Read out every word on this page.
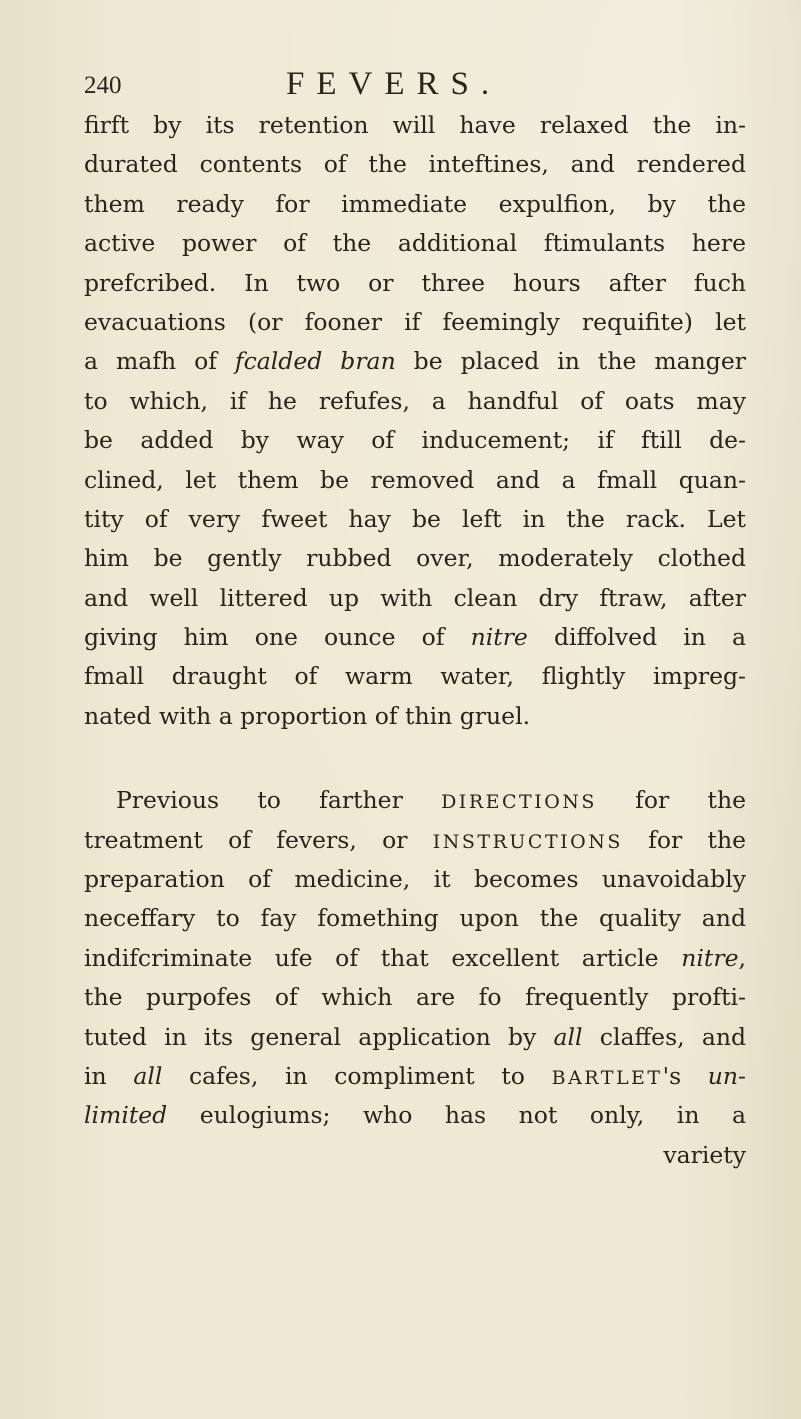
240	FEVERS.
firft by its retention will have relaxed the in-
durated contents of the inteftines, and rendered
them ready for immediate expulfion, by the
active power of the additional ftimulants here
prefcribed. In two or three hours after fuch
evacuations (or fooner if feemingly requifite) let
a mafh of fcalded bran be placed in the manger
to which, if he refufes, a handful of oats may
be added by way of inducement; if ftill de-
clined, let them be removed and a fmall quan-
tity of very fweet hay be left in the rack. Let
him be gently rubbed over, moderately clothed
and well littered up with clean dry ftraw, after
giving him one ounce of nitre diffolved in a
fmall draught of warm water, flightly impreg-
nated with a proportion of thin gruel.
Previous to farther DIRECTIONS for the
treatment of fevers, or INSTRUCTIONS for the
preparation of medicine, it becomes unavoidably
neceffary to fay fomething upon the quality and
indifcriminate ufe of that excellent article nitre,
the purpofes of which are fo frequently profti-
tuted in its general application by all claffes, and
in all cafes, in compliment to BARTLET's un-
limited eulogiums; who has not only, in a
variety
